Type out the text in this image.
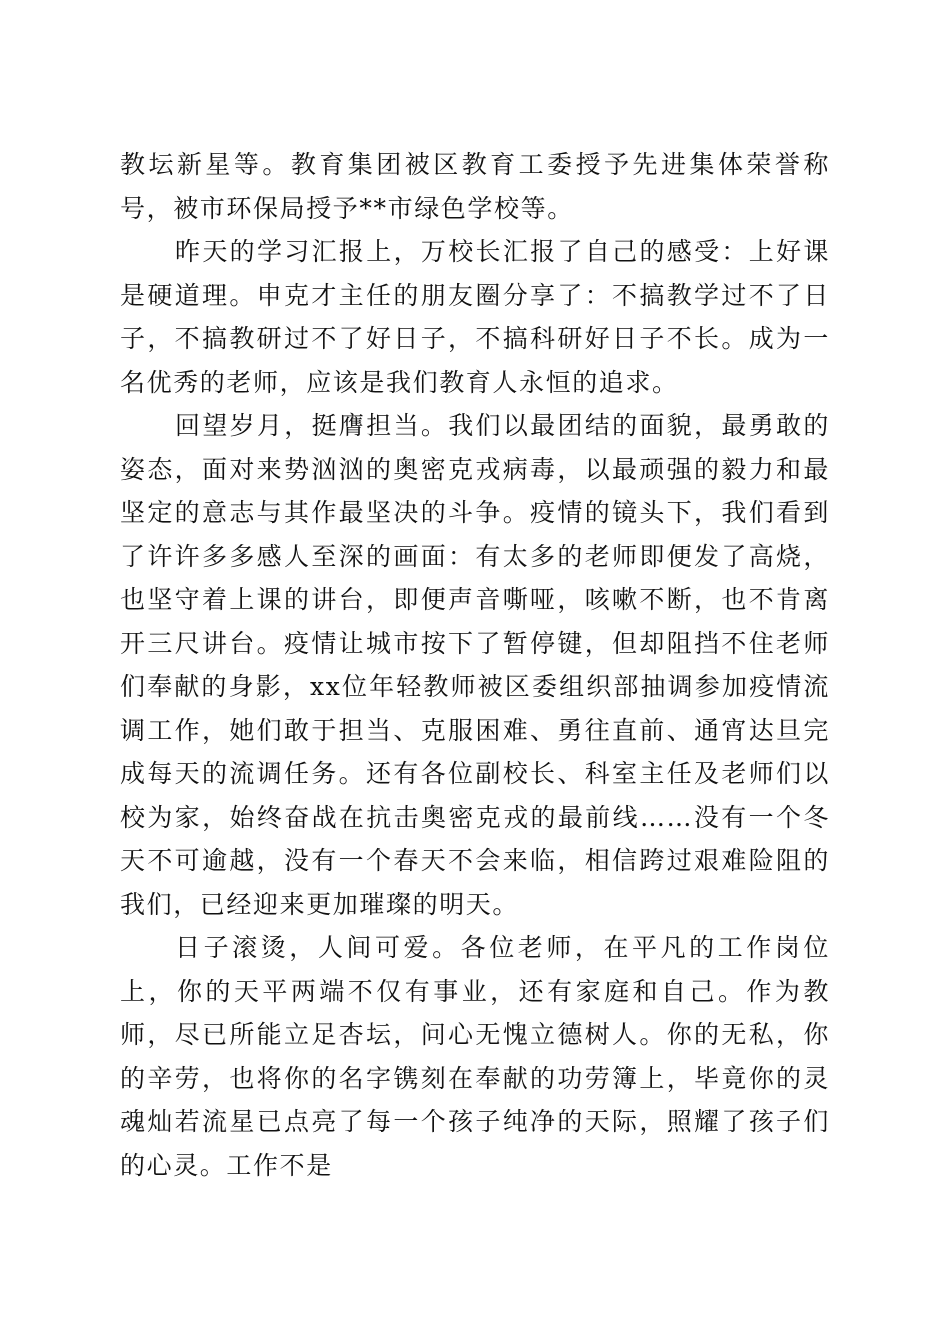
教坛新星等。教育集团被区教育工委授予先进集体荣誉称号，被市环保局授予**市绿色学校等。

昨天的学习汇报上，万校长汇报了自己的感受：上好课是硬道理。申克才主任的朋友圈分享了：不搞教学过不了日子，不搞教研过不了好日子，不搞科研好日子不长。成为一名优秀的老师，应该是我们教育人永恒的追求。

回望岁月，挺膺担当。我们以最团结的面貌，最勇敢的姿态，面对来势汹汹的奥密克戎病毒，以最顽强的毅力和最坚定的意志与其作最坚决的斗争。疫情的镜头下，我们看到了许许多多感人至深的画面：有太多的老师即便发了高烧，也坚守着上课的讲台，即便声音嘶哑，咳嗽不断，也不肯离开三尺讲台。疫情让城市按下了暂停键，但却阻挡不住老师们奉献的身影，xx位年轻教师被区委组织部抽调参加疫情流调工作，她们敢于担当、克服困难、勇往直前、通宵达旦完成每天的流调任务。还有各位副校长、科室主任及老师们以校为家，始终奋战在抗击奥密克戎的最前线……没有一个冬天不可逾越，没有一个春天不会来临，相信跨过艰难险阻的我们，已经迎来更加璀璨的明天。

日子滚烫，人间可爱。各位老师，在平凡的工作岗位上，你的天平两端不仅有事业，还有家庭和自己。作为教师，尽已所能立足杏坛，问心无愧立德树人。你的无私，你的辛劳，也将你的名字镌刻在奉献的功劳簿上，毕竟你的灵魂灿若流星已点亮了每一个孩子纯净的天际，照耀了孩子们的心灵。工作不是
